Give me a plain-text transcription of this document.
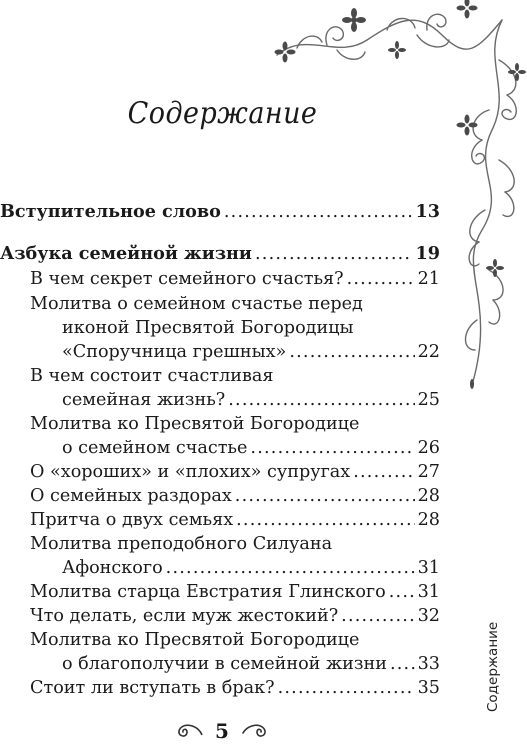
Содержание
Вступительное слово .....	13
Азбука семейной жизни .....	19
В чем секрет семейного счастья? .....	21
Молитва о семейном счастье перед
иконой Пресвятой Богородицы
«Споручница грешных» .....	22
В чем состоит счастливая
семейная жизнь? .....	25
Молитва ко Пресвятой Богородице
о семейном счастье .....	26
О «хороших» и «плохих» супругах .....	27
О семейных раздорах .....	28
Притча о двух семьях .....	28
Молитва преподобного Силуана
Афонского .....	31
Молитва старца Евстратия Глинского ..... 31
Что делать, если муж жестокий? .....	32
Молитва ко Пресвятой Богородице
о благополучии в семейной жизни ..... 33
Стоит ли вступать в брак? .....	35	Содержание
5
